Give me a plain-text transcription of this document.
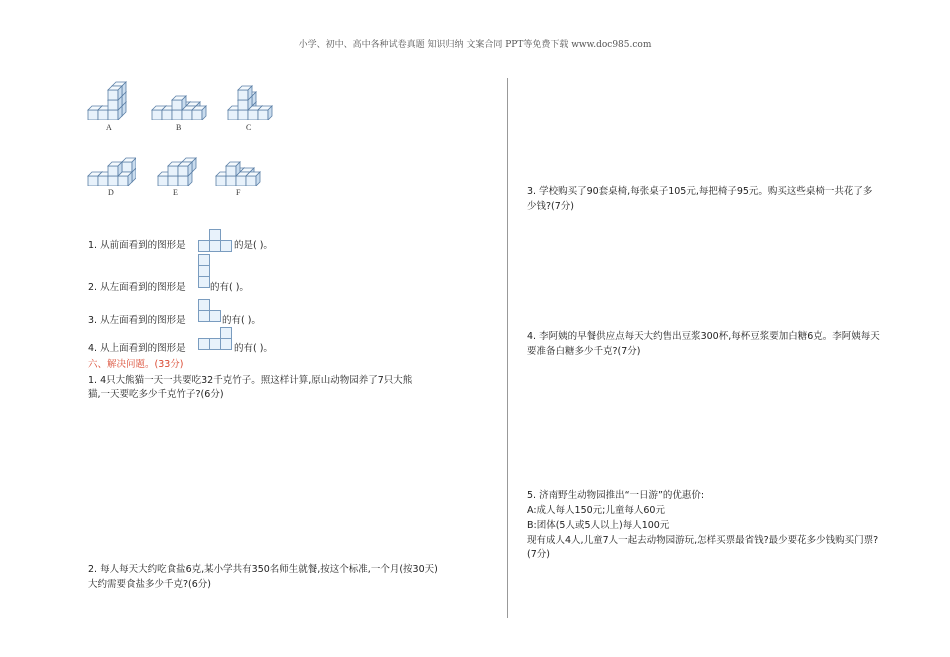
小学、初中、高中各种试卷真题 知识归纳 文案合同 PPT等免费下载 www.doc985.com
A	B	C
D	E	F
1. 从前面看到的图形是	的是( )。
2. 从左面看到的图形是	的有( )。
3. 从左面看到的图形是	的有( )。
4. 从上面看到的图形是	的有( )。
六、解决问题。(33分)
1. 4只大熊猫一天一共要吃32千克竹子。照这样计算,原山动物园养了7只大熊
猫,一天要吃多少千克竹子?(6分)
2. 每人每天大约吃食盐6克,某小学共有350名师生就餐,按这个标准,一个月(按30天)
大约需要食盐多少千克?(6分)
3. 学校购买了90套桌椅,每张桌子105元,每把椅子95元。购买这些桌椅一共花了多
少钱?(7分)
4. 李阿姨的早餐供应点每天大约售出豆浆300杯,每杯豆浆要加白糖6克。李阿姨每天
要准备白糖多少千克?(7分)
5. 济南野生动物园推出“一日游”的优惠价:
A:成人每人150元;儿童每人60元
B:团体(5人或5人以上)每人100元
现有成人4人,儿童7人一起去动物园游玩,怎样买票最省钱?最少要花多少钱购买门票?
(7分)
